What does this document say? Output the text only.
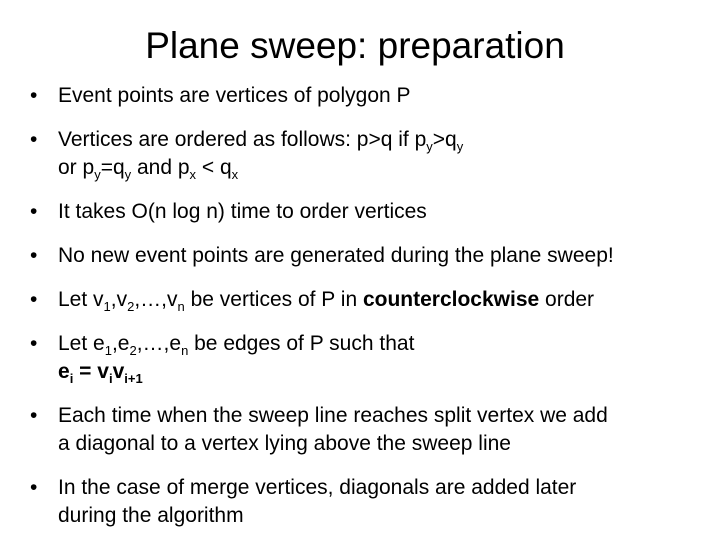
Plane sweep: preparation
• Event points are vertices of polygon P
• Vertices are ordered as follows: p>q if $p_y>q_y$
or $p_y=q_y$ and $p_x < q_x$
• It takes O(n log n) time to order vertices
• No new event points are generated during the plane sweep!
• Let $v_1,v_2,\dots,v_n$ be vertices of P in counterclockwise order
• Let $e_1,e_2,\dots,e_n$ be edges of P such that
$e_i = v_iv_{i+1}$
• Each time when the sweep line reaches split vertex we add
a diagonal to a vertex lying above the sweep line
• In the case of merge vertices, diagonals are added later
during the algorithm
